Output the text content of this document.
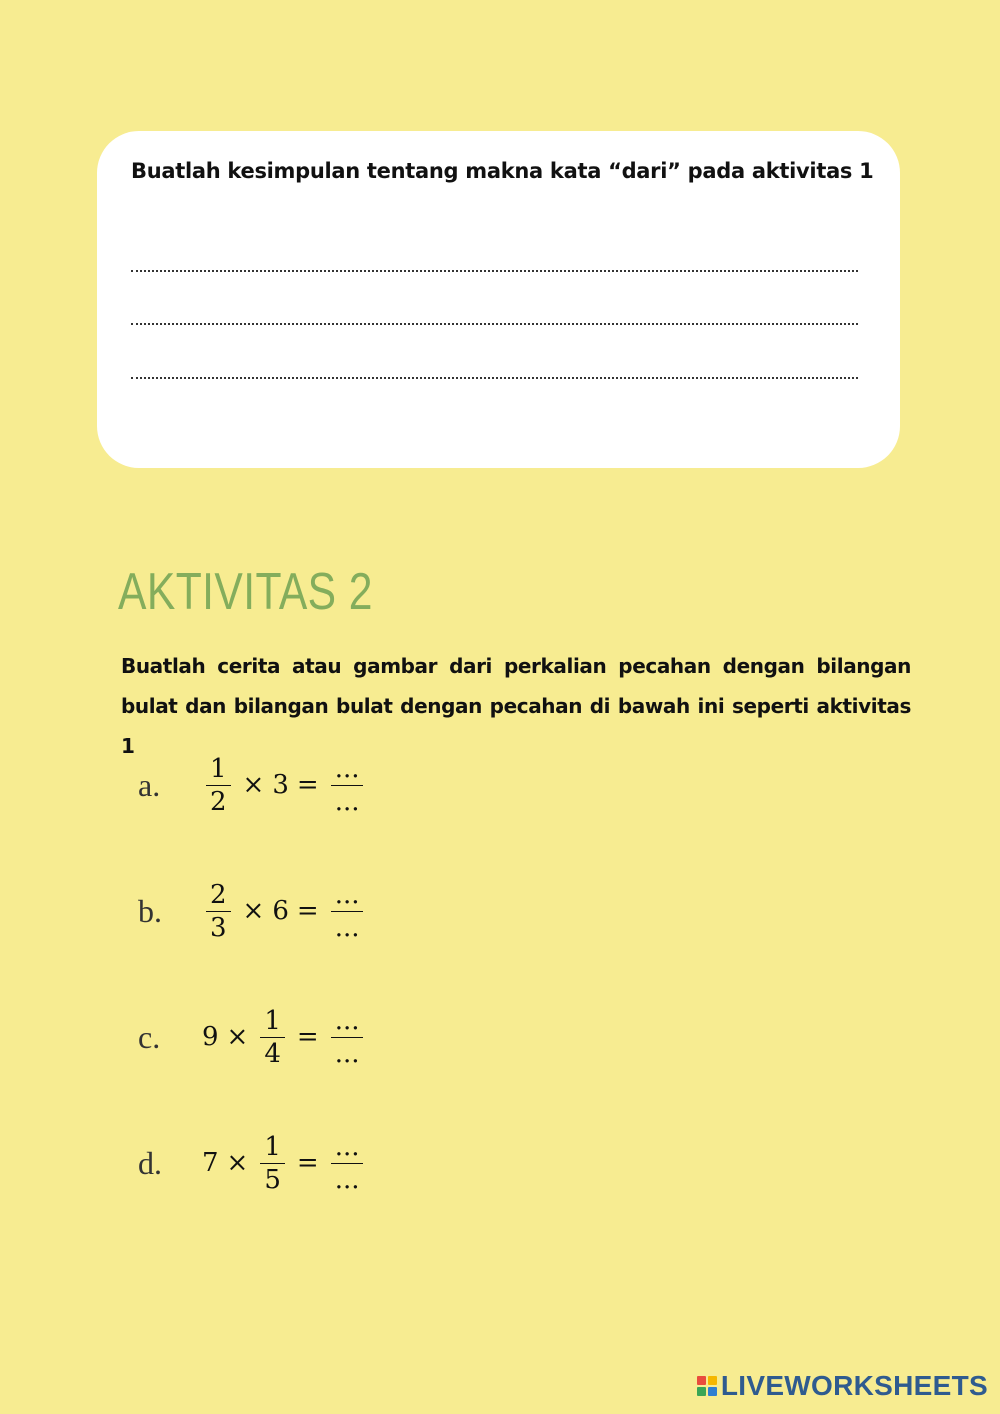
Buatlah kesimpulan tentang makna kata “dari” pada aktivitas 1
AKTIVITAS 2
Buatlah cerita atau gambar dari perkalian pecahan dengan bilangan bulat dan bilangan bulat dengan pecahan di bawah ini seperti aktivitas 1
a.	$\frac{1}{2} \times 3 = \frac{...}{...}$
b.	$\frac{2}{3} \times 6 = \frac{...}{...}$
c.	$9 \times \frac{1}{4} = \frac{...}{...}$
d.	$7 \times \frac{1}{5} = \frac{...}{...}$
LIVEWORKSHEETS
